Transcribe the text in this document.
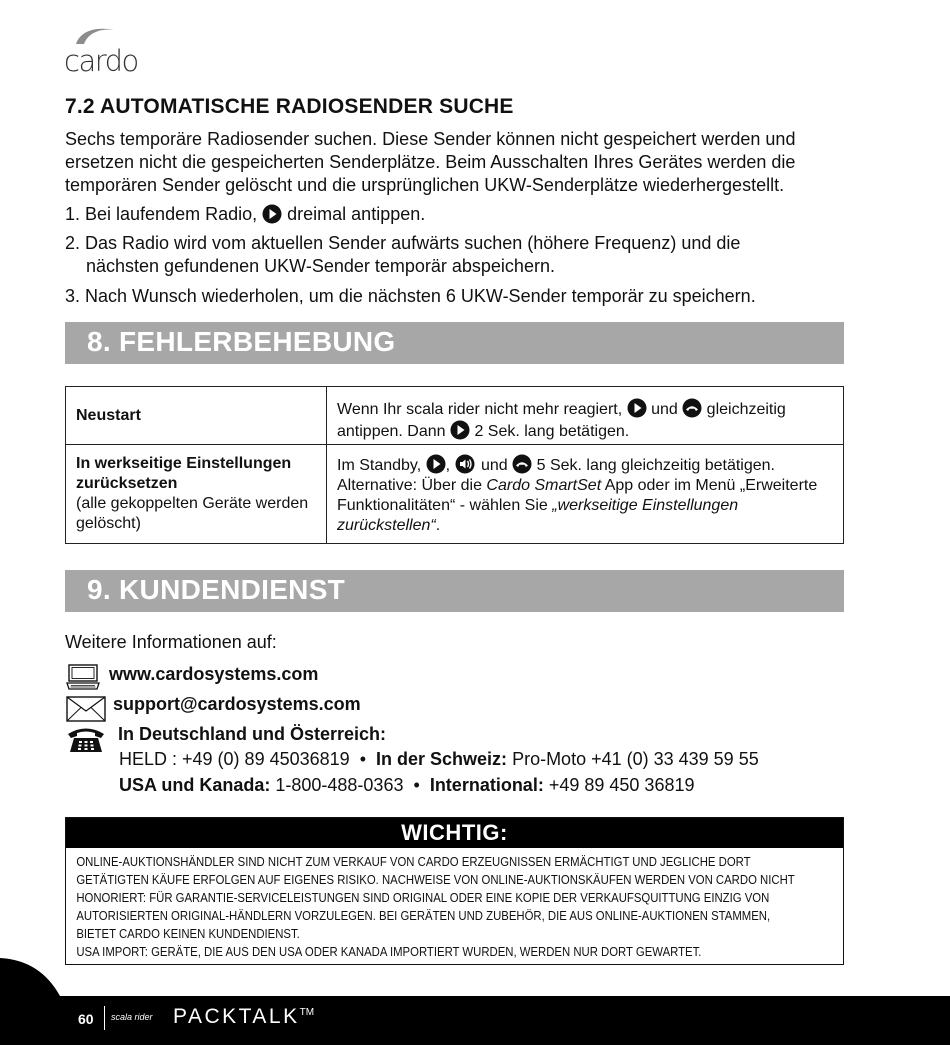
cardo
7.2 AUTOMATISCHE RADIOSENDER SUCHE
Sechs temporäre Radiosender suchen. Diese Sender können nicht gespeichert werden und ersetzen nicht die gespeicherten Senderplätze. Beim Ausschalten Ihres Gerätes werden die temporären Sender gelöscht und die ursprünglichen UKW-Senderplätze wiederhergestellt.
1. Bei laufendem Radio, dreimal antippen.
2. Das Radio wird vom aktuellen Sender aufwärts suchen (höhere Frequenz) und die
nächsten gefundenen UKW-Sender temporär abspeichern.
3. Nach Wunsch wiederholen, um die nächsten 6 UKW-Sender temporär zu speichern.
8. FEHLERBEHEBUNG
Neustart	Wenn Ihr scala rider nicht mehr reagiert, und gleichzeitig antippen. Dann 2 Sek. lang betätigen.

In werkseitige Einstellungen zurücksetzen
(alle gekoppelten Geräte werden gelöscht)	Im Standby, , und 5 Sek. lang gleichzeitig betätigen. Alternative: Über die Cardo SmartSet App oder im Menü „Erweiterte Funktionalitäten“ - wählen Sie „werkseitige Einstellungen zurückstellen“.
9. KUNDENDIENST
Weitere Informationen auf:
www.cardosystems.com
support@cardosystems.com
In Deutschland und Österreich:
HELD : +49 (0) 89 45036819 • In der Schweiz: Pro-Moto +41 (0) 33 439 59 55
USA und Kanada: 1-800-488-0363 • International: +49 89 450 36819
WICHTIG:
ONLINE-AUKTIONSHÄNDLER SIND NICHT ZUM VERKAUF VON CARDO ERZEUGNISSEN ERMÄCHTIGT UND JEGLICHE DORT GETÄTIGTEN KÄUFE ERFOLGEN AUF EIGENES RISIKO. NACHWEISE VON ONLINE-AUKTIONSKÄUFEN WERDEN VON CARDO NICHT HONORIERT: FÜR GARANTIE-SERVICELEISTUNGEN SIND ORIGINAL ODER EINE KOPIE DER VERKAUFSQUITTUNG EINZIG VON AUTORISIERTEN ORIGINAL-HÄNDLERN VORZULEGEN. BEI GERÄTEN UND ZUBEHÖR, DIE AUS ONLINE-AUKTIONEN STAMMEN, BIETET CARDO KEINEN KUNDENDIENST.
USA IMPORT: GERÄTE, DIE AUS DEN USA ODER KANADA IMPORTIERT WURDEN, WERDEN NUR DORT GEWARTET.
60 scala rider PACKTALK™
